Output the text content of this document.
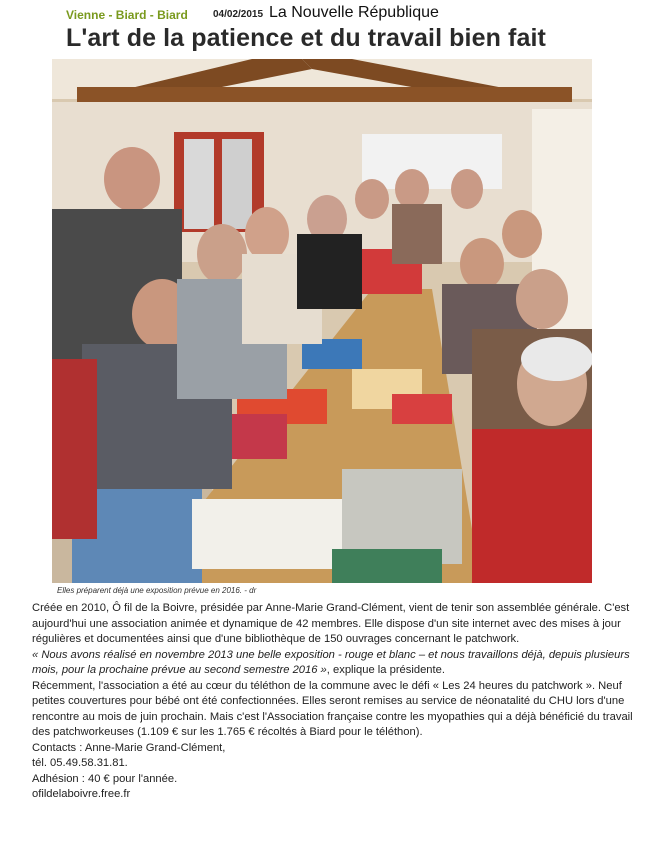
Vienne - Biard - Biard	04/02/2015 La Nouvelle République
L'art de la patience et du travail bien fait
Elles préparent déjà une exposition prévue en 2016. - dr

Créée en 2010, Ô fil de la Boivre, présidée par Anne-Marie Grand-Clément, vient de tenir son assemblée générale. C'est aujourd'hui une association animée et dynamique de 42 membres. Elle dispose d'un site internet avec des mises à jour régulières et documentées ainsi que d'une bibliothèque de 150 ouvrages concernant le patchwork.

« Nous avons réalisé en novembre 2013 une belle exposition - rouge et blanc – et nous travaillons déjà, depuis plusieurs mois, pour la prochaine prévue au second semestre 2016 », explique la présidente.

Récemment, l'association a été au cœur du téléthon de la commune avec le défi « Les 24 heures du patchwork ». Neuf petites couvertures pour bébé ont été confectionnées. Elles seront remises au service de néonatalité du CHU lors d'une rencontre au mois de juin prochain. Mais c'est l'Association française contre les myopathies qui a déjà bénéficié du travail des patchworkeuses (1.109 € sur les 1.765 € récoltés à Biard pour le téléthon).

Contacts : Anne-Marie Grand-Clément,

tél. 05.49.58.31.81.

Adhésion : 40 € pour l'année.

ofildelaboivre.free.fr
